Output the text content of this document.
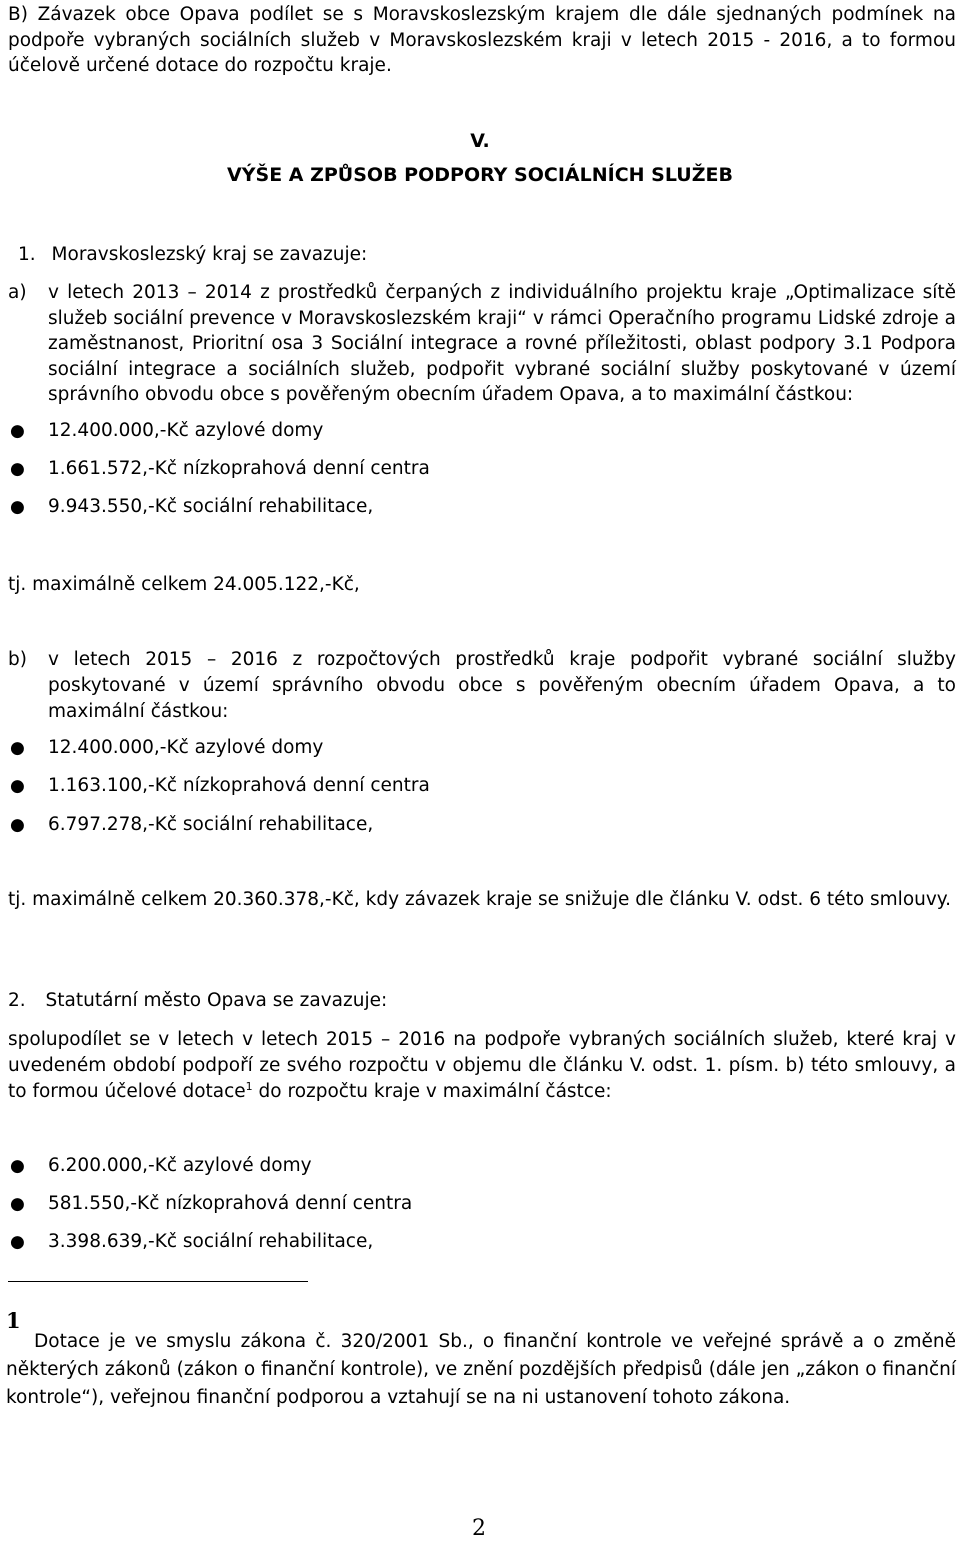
B) Závazek obce Opava podílet se s Moravskoslezským krajem dle dále sjednaných podmínek na podpoře vybraných sociálních služeb v Moravskoslezském kraji v letech 2015 - 2016, a to formou účelově určené dotace do rozpočtu kraje.
V.
VÝŠE A ZPŮSOB PODPORY SOCIÁLNÍCH SLUŽEB
1. Moravskoslezský kraj se zavazuje:
a) v letech 2013 – 2014 z prostředků čerpaných z individuálního projektu kraje „Optimalizace sítě služeb sociální prevence v Moravskoslezském kraji“ v rámci Operačního programu Lidské zdroje a zaměstnanost, Prioritní osa 3 Sociální integrace a rovné příležitosti, oblast podpory 3.1 Podpora sociální integrace a sociálních služeb, podpořit vybrané sociální služby poskytované v území správního obvodu obce s pověřeným obecním úřadem Opava, a to maximální částkou:
●	12.400.000,-Kč azylové domy
●	1.661.572,-Kč nízkoprahová denní centra
●	9.943.550,-Kč sociální rehabilitace,
tj. maximálně celkem 24.005.122,-Kč,
b) v letech 2015 – 2016 z rozpočtových prostředků kraje podpořit vybrané sociální služby poskytované v území správního obvodu obce s pověřeným obecním úřadem Opava, a to maximální částkou:
●	12.400.000,-Kč azylové domy
●	1.163.100,-Kč nízkoprahová denní centra
●	6.797.278,-Kč sociální rehabilitace,
tj. maximálně celkem 20.360.378,-Kč, kdy závazek kraje se snižuje dle článku V. odst. 6 této smlouvy.
2. Statutární město Opava se zavazuje:
spolupodílet se v letech v letech 2015 – 2016 na podpoře vybraných sociálních služeb, které kraj v uvedeném období podpoří ze svého rozpočtu v objemu dle článku V. odst. 1. písm. b) této smlouvy, a to formou účelové dotace$^1$ do rozpočtu kraje v maximální částce:
●	6.200.000,-Kč azylové domy
●	581.550,-Kč nízkoprahová denní centra
●	3.398.639,-Kč sociální rehabilitace,
1
Dotace je ve smyslu zákona č. 320/2001 Sb., o finanční kontrole ve veřejné správě a o změně některých zákonů (zákon o finanční kontrole), ve znění pozdějších předpisů (dále jen „zákon o finanční kontrole“), veřejnou finanční podporou a vztahují se na ni ustanovení tohoto zákona.
2
